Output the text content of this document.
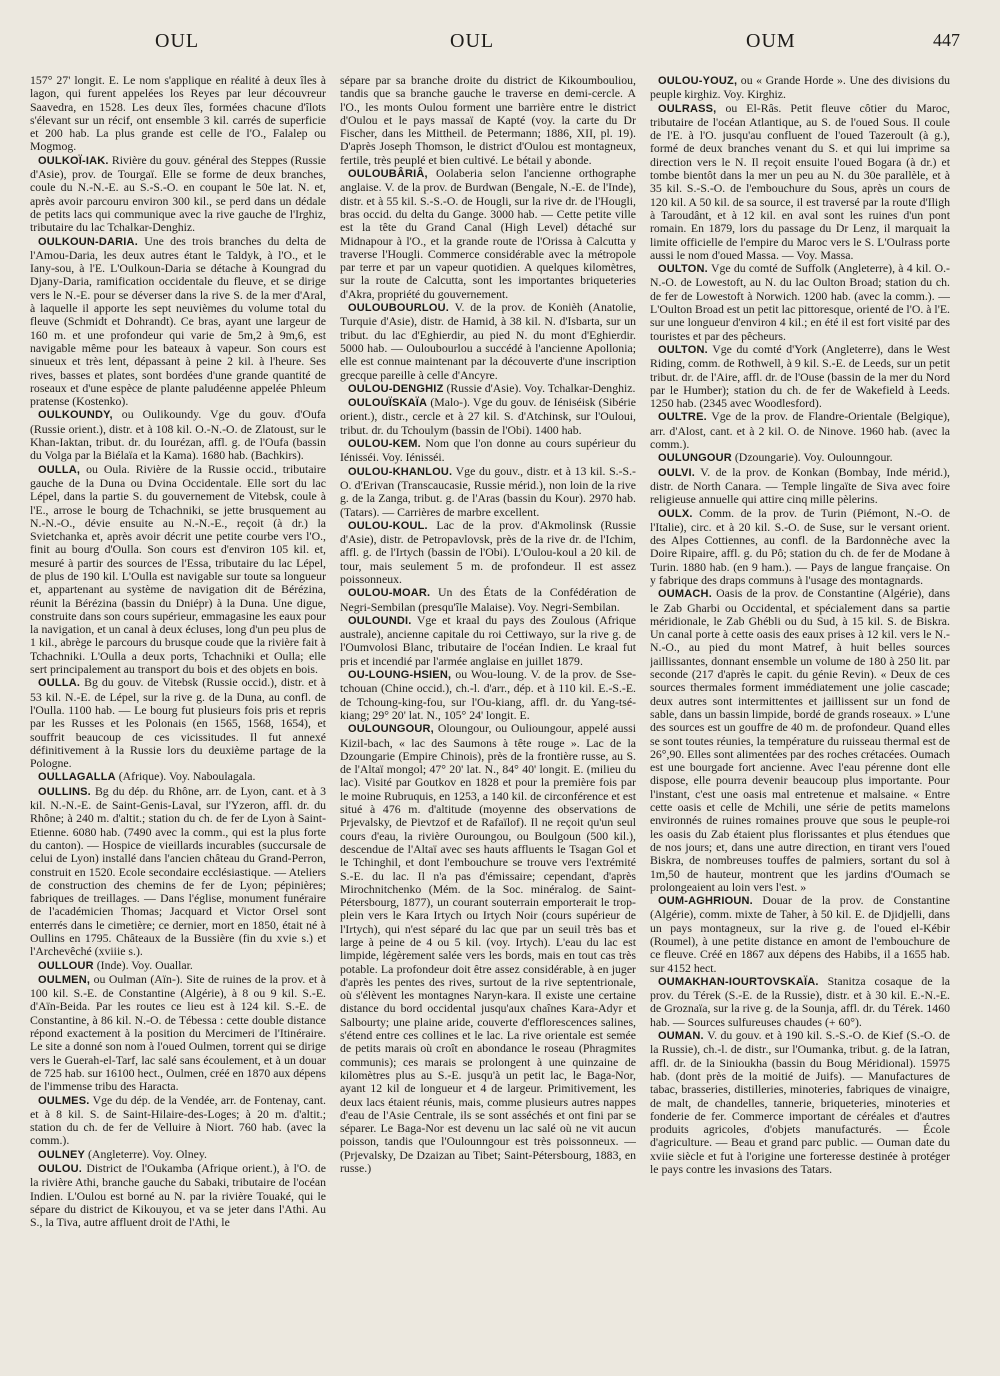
OUL	OUL	OUM	447

157° 27' longit. E. Le nom s'applique en réalité à deux îles à lagon, qui furent appelées los Reyes par leur découvreur Saavedra, en 1528. Les deux îles, formées chacune d'îlots s'élevant sur un récif, ont ensemble 3 kil. carrés de superficie et 200 hab. La plus grande est celle de l'O., Falalep ou Mogmog.

OULKOÏ-IAK. Rivière du gouv. général des Steppes (Russie d'Asie), prov. de Tourgaï. Elle se forme de deux branches, coule du N.-N.-E. au S.-S.-O. en coupant le 50e lat. N. et, après avoir parcouru environ 300 kil., se perd dans un dédale de petits lacs qui communique avec la rive gauche de l'Irghiz, tributaire du lac Tchalkar-Denghiz.

OULKOUN-DARIA. Une des trois branches du delta de l'Amou-Daria, les deux autres étant le Taldyk, à l'O., et le Iany-sou, à l'E. L'Oulkoun-Daria se détache à Koungrad du Djany-Daria, ramification occidentale du fleuve, et se dirige vers le N.-E. pour se déverser dans la rive S. de la mer d'Aral, à laquelle il apporte les sept neuvièmes du volume total du fleuve (Schmidt et Dohrandt). Ce bras, ayant une largeur de 160 m. et une profondeur qui varie de 5m,2 à 9m,6, est navigable même pour les bateaux à vapeur. Son cours est sinueux et très lent, dépassant à peine 2 kil. à l'heure. Ses rives, basses et plates, sont bordées d'une grande quantité de roseaux et d'une espèce de plante paludéenne appelée Phleum pratense (Kostenko).

OULKOUNDY, ou Oulikoundy. Vge du gouv. d'Oufa (Russie orient.), distr. et à 108 kil. O.-N.-O. de Zlatoust, sur le Khan-Iaktan, tribut. dr. du Iourézan, affl. g. de l'Oufa (bassin du Volga par la Biélaïa et la Kama). 1680 hab. (Bachkirs).

OULLA, ou Oula. Rivière de la Russie occid., tributaire gauche de la Duna ou Dvina Occidentale. Elle sort du lac Lépel, dans la partie S. du gouvernement de Vitebsk, coule à l'E., arrose le bourg de Tchachniki, se jette brusquement au N.-N.-O., dévie ensuite au N.-N.-E., reçoit (à dr.) la Svietchanka et, après avoir décrit une petite courbe vers l'O., finit au bourg d'Oulla. Son cours est d'environ 105 kil. et, mesuré à partir des sources de l'Essa, tributaire du lac Lépel, de plus de 190 kil. L'Oulla est navigable sur toute sa longueur et, appartenant au système de navigation dit de Bérézina, réunit la Bérézina (bassin du Dniépr) à la Duna. Une digue, construite dans son cours supérieur, emmagasine les eaux pour la navigation, et un canal à deux écluses, long d'un peu plus de 1 kil., abrège le parcours du brusque coude que la rivière fait à Tchachniki. L'Oulla a deux ports, Tchachniki et Oulla; elle sert principalement au transport du bois et des objets en bois.

OULLA. Bg du gouv. de Vitebsk (Russie occid.), distr. et à 53 kil. N.-E. de Lépel, sur la rive g. de la Duna, au confl. de l'Oulla. 1100 hab. — Le bourg fut plusieurs fois pris et repris par les Russes et les Polonais (en 1565, 1568, 1654), et souffrit beaucoup de ces vicissitudes. Il fut annexé définitivement à la Russie lors du deuxième partage de la Pologne.

OULLAGALLA (Afrique). Voy. Naboulagala.

OULLINS. Bg du dép. du Rhône, arr. de Lyon, cant. et à 3 kil. N.-N.-E. de Saint-Genis-Laval, sur l'Yzeron, affl. dr. du Rhône; à 240 m. d'altit.; station du ch. de fer de Lyon à Saint-Etienne. 6080 hab. (7490 avec la comm., qui est la plus forte du canton). — Hospice de vieillards incurables (succursale de celui de Lyon) installé dans l'ancien château du Grand-Perron, construit en 1520. Ecole secondaire ecclésiastique. — Ateliers de construction des chemins de fer de Lyon; pépinières; fabriques de treillages. — Dans l'église, monument funéraire de l'académicien Thomas; Jacquard et Victor Orsel sont enterrés dans le cimetière; ce dernier, mort en 1850, était né à Oullins en 1795. Châteaux de la Bussière (fin du xvie s.) et l'Archevêché (xviiie s.).

OULLOUR (Inde). Voy. Ouallar.

OULMEN, ou Oulman (Aïn-). Site de ruines de la prov. et à 100 kil. S.-E. de Constantine (Algérie), à 8 ou 9 kil. S.-E. d'Aïn-Beida. Par les routes ce lieu est à 124 kil. S.-E. de Constantine, à 86 kil. N.-O. de Tébessa : cette double distance répond exactement à la position du Mercimeri de l'Itinéraire. Le site a donné son nom à l'oued Oulmen, torrent qui se dirige vers le Guerah-el-Tarf, lac salé sans écoulement, et à un douar de 725 hab. sur 16100 hect., Oulmen, créé en 1870 aux dépens de l'immense tribu des Haracta.

OULMES. Vge du dép. de la Vendée, arr. de Fontenay, cant. et à 8 kil. S. de Saint-Hilaire-des-Loges; à 20 m. d'altit.; station du ch. de fer de Velluire à Niort. 760 hab. (avec la comm.).

OULNEY (Angleterre). Voy. Olney.

OULOU. District de l'Oukamba (Afrique orient.), à l'O. de la rivière Athi, branche gauche du Sabaki, tributaire de l'océan Indien. L'Oulou est borné au N. par la rivière Touaké, qui le sépare du district de Kikouyou, et va se jeter dans l'Athi. Au S., la Tiva, autre affluent droit de l'Athi, le

sépare par sa branche droite du district de Kikoumbouliou, tandis que sa branche gauche le traverse en demi-cercle. A l'O., les monts Oulou forment une barrière entre le district d'Oulou et le pays massaï de Kapté (voy. la carte du Dr Fischer, dans les Mittheil. de Petermann; 1886, XII, pl. 19). D'après Joseph Thomson, le district d'Oulou est montagneux, fertile, très peuplé et bien cultivé. Le bétail y abonde.

OULOUBÂRIÂ, Oolaberia selon l'ancienne orthographe anglaise. V. de la prov. de Burdwan (Bengale, N.-E. de l'Inde), distr. et à 55 kil. S.-S.-O. de Hougli, sur la rive dr. de l'Hougli, bras occid. du delta du Gange. 3000 hab. — Cette petite ville est la tête du Grand Canal (High Level) détaché sur Midnapour à l'O., et la grande route de l'Orissa à Calcutta y traverse l'Hougli. Commerce considérable avec la métropole par terre et par un vapeur quotidien. A quelques kilomètres, sur la route de Calcutta, sont les importantes briqueteries d'Akra, propriété du gouvernement.

OULOUBOURLOU. V. de la prov. de Konièh (Anatolie, Turquie d'Asie), distr. de Hamid, à 38 kil. N. d'Isbarta, sur un tribut. du lac d'Eghierdir, au pied N. du mont d'Eghierdir. 5000 hab. — Ouloubourlou a succédé à l'ancienne Apollonia; elle est connue maintenant par la découverte d'une inscription grecque pareille à celle d'Ancyre.

OULOU-DENGHIZ (Russie d'Asie). Voy. Tchalkar-Denghiz.

OULOUÏSKAÏA (Malo-). Vge du gouv. de Iéniséisk (Sibérie orient.), distr., cercle et à 27 kil. S. d'Atchinsk, sur l'Ouloui, tribut. dr. du Tchoulym (bassin de l'Obi). 1400 hab.

OULOU-KEM. Nom que l'on donne au cours supérieur du Iénisséi. Voy. Iénisséi.

OULOU-KHANLOU. Vge du gouv., distr. et à 13 kil. S.-S.-O. d'Erivan (Transcaucasie, Russie mérid.), non loin de la rive g. de la Zanga, tribut. g. de l'Aras (bassin du Kour). 2970 hab. (Tatars). — Carrières de marbre excellent.

OULOU-KOUL. Lac de la prov. d'Akmolinsk (Russie d'Asie), distr. de Petropavlovsk, près de la rive dr. de l'Ichim, affl. g. de l'Irtych (bassin de l'Obi). L'Oulou-koul a 20 kil. de tour, mais seulement 5 m. de profondeur. Il est assez poissonneux.

OULOU-MOAR. Un des États de la Confédération de Negri-Sembilan (presqu'île Malaise). Voy. Negri-Sembilan.

OULOUNDI. Vge et kraal du pays des Zoulous (Afrique australe), ancienne capitale du roi Cettiwayo, sur la rive g. de l'Oumvolosi Blanc, tributaire de l'océan Indien. Le kraal fut pris et incendié par l'armée anglaise en juillet 1879.

OU-LOUNG-HSIEN, ou Wou-loung. V. de la prov. de Sse-tchouan (Chine occid.), ch.-l. d'arr., dép. et à 110 kil. E.-S.-E. de Tchoung-king-fou, sur l'Ou-kiang, affl. dr. du Yang-tsé-kiang; 29° 20' lat. N., 105° 24' longit. E.

OULOUNGOUR, Oloungour, ou Oulioungour, appelé aussi Kizil-bach, « lac des Saumons à tête rouge ». Lac de la Dzoungarie (Empire Chinois), près de la frontière russe, au S. de l'Altaï mongol; 47° 20' lat. N., 84° 40' longit. E. (milieu du lac). Visité par Goutkov en 1828 et pour la première fois par le moine Rubruquis, en 1253, a 140 kil. de circonférence et est situé à 476 m. d'altitude (moyenne des observations de Prjevalsky, de Pievtzof et de Rafaïlof). Il ne reçoit qu'un seul cours d'eau, la rivière Ouroungou, ou Boulgoun (500 kil.), descendue de l'Altaï avec ses hauts affluents le Tsagan Gol et le Tchinghil, et dont l'embouchure se trouve vers l'extrémité S.-E. du lac. Il n'a pas d'émissaire; cependant, d'après Mirochnitchenko (Mém. de la Soc. minéralog. de Saint-Pétersbourg, 1877), un courant souterrain emporterait le trop-plein vers le Kara Irtych ou Irtych Noir (cours supérieur de l'Irtych), qui n'est séparé du lac que par un seuil très bas et large à peine de 4 ou 5 kil. (voy. Irtych). L'eau du lac est limpide, légèrement salée vers les bords, mais en tout cas très potable. La profondeur doit être assez considérable, à en juger d'après les pentes des rives, surtout de la rive septentrionale, où s'élèvent les montagnes Naryn-kara. Il existe une certaine distance du bord occidental jusqu'aux chaînes Kara-Adyr et Salbourty; une plaine aride, couverte d'efflorescences salines, s'étend entre ces collines et le lac. La rive orientale est semée de petits marais où croît en abondance le roseau (Phragmites communis); ces marais se prolongent à une quinzaine de kilomètres plus au S.-E. jusqu'à un petit lac, le Baga-Nor, ayant 12 kil de longueur et 4 de largeur. Primitivement, les deux lacs étaient réunis, mais, comme plusieurs autres nappes d'eau de l'Asie Centrale, ils se sont asséchés et ont fini par se séparer. Le Baga-Nor est devenu un lac salé où ne vit aucun poisson, tandis que l'Oulounngour est très poissonneux. — (Prjevalsky, De Dzaizan au Tibet; Saint-Pétersbourg, 1883, en russe.)

OULOU-YOUZ, ou « Grande Horde ». Une des divisions du peuple kirghiz. Voy. Kirghiz.

OULRASS, ou El-Râs. Petit fleuve côtier du Maroc, tributaire de l'océan Atlantique, au S. de l'oued Sous. Il coule de l'E. à l'O. jusqu'au confluent de l'oued Tazeroult (à g.), formé de deux branches venant du S. et qui lui imprime sa direction vers le N. Il reçoit ensuite l'oued Bogara (à dr.) et tombe bientôt dans la mer un peu au N. du 30e parallèle, et à 35 kil. S.-S.-O. de l'embouchure du Sous, après un cours de 120 kil. A 50 kil. de sa source, il est traversé par la route d'Iligh à Taroudânt, et à 12 kil. en aval sont les ruines d'un pont romain. En 1879, lors du passage du Dr Lenz, il marquait la limite officielle de l'empire du Maroc vers le S. L'Oulrass porte aussi le nom d'oued Massa. — Voy. Massa.

OULTON. Vge du comté de Suffolk (Angleterre), à 4 kil. O.-N.-O. de Lowestoft, au N. du lac Oulton Broad; station du ch. de fer de Lowestoft à Norwich. 1200 hab. (avec la comm.). — L'Oulton Broad est un petit lac pittoresque, orienté de l'O. à l'E. sur une longueur d'environ 4 kil.; en été il est fort visité par des touristes et par des pêcheurs.

OULTON. Vge du comté d'York (Angleterre), dans le West Riding, comm. de Rothwell, à 9 kil. S.-E. de Leeds, sur un petit tribut. dr. de l'Aire, affl. dr. de l'Ouse (bassin de la mer du Nord par le Humber); station du ch. de fer de Wakefield à Leeds. 1250 hab. (2345 avec Woodlesford).

OULTRE. Vge de la prov. de Flandre-Orientale (Belgique), arr. d'Alost, cant. et à 2 kil. O. de Ninove. 1960 hab. (avec la comm.).

OULUNGOUR (Dzoungarie). Voy. Oulounngour.

OULVI. V. de la prov. de Konkan (Bombay, Inde mérid.), distr. de North Canara. — Temple lingaïte de Siva avec foire religieuse annuelle qui attire cinq mille pèlerins.

OULX. Comm. de la prov. de Turin (Piémont, N.-O. de l'Italie), circ. et à 20 kil. S.-O. de Suse, sur le versant orient. des Alpes Cottiennes, au confl. de la Bardonnèche avec la Doire Ripaire, affl. g. du Pô; station du ch. de fer de Modane à Turin. 1880 hab. (en 9 ham.). — Pays de langue française. On y fabrique des draps communs à l'usage des montagnards.

OUMACH. Oasis de la prov. de Constantine (Algérie), dans le Zab Gharbi ou Occidental, et spécialement dans sa partie méridionale, le Zab Ghébli ou du Sud, à 15 kil. S. de Biskra. Un canal porte à cette oasis des eaux prises à 12 kil. vers le N.-N.-O., au pied du mont Matref, à huit belles sources jaillissantes, donnant ensemble un volume de 180 à 250 lit. par seconde (217 d'après le capit. du génie Revin). « Deux de ces sources thermales forment immédiatement une jolie cascade; deux autres sont intermittentes et jaillissent sur un fond de sable, dans un bassin limpide, bordé de grands roseaux. » L'une des sources est un gouffre de 40 m. de profondeur. Quand elles se sont toutes réunies, la température du ruisseau thermal est de 26°,90. Elles sont alimentées par des roches crétacées. Oumach est une bourgade fort ancienne. Avec l'eau pérenne dont elle dispose, elle pourra devenir beaucoup plus importante. Pour l'instant, c'est une oasis mal entretenue et malsaine. « Entre cette oasis et celle de Mchili, une série de petits mamelons environnés de ruines romaines prouve que sous le peuple-roi les oasis du Zab étaient plus florissantes et plus étendues que de nos jours; et, dans une autre direction, en tirant vers l'oued Biskra, de nombreuses touffes de palmiers, sortant du sol à 1m,50 de hauteur, montrent que les jardins d'Oumach se prolongeaient au loin vers l'est. »

OUM-AGHRIOUN. Douar de la prov. de Constantine (Algérie), comm. mixte de Taher, à 50 kil. E. de Djidjelli, dans un pays montagneux, sur la rive g. de l'oued el-Kébir (Roumel), à une petite distance en amont de l'embouchure de ce fleuve. Créé en 1867 aux dépens des Habibs, il a 1655 hab. sur 4152 hect.

OUMAKHAN-IOURTOVSKAÏA. Stanitza cosaque de la prov. du Térek (S.-E. de la Russie), distr. et à 30 kil. E.-N.-E. de Groznaïa, sur la rive g. de la Sounja, affl. dr. du Térek. 1460 hab. — Sources sulfureuses chaudes (+ 60°).

OUMAN. V. du gouv. et à 190 kil. S.-S.-O. de Kief (S.-O. de la Russie), ch.-l. de distr., sur l'Oumanka, tribut. g. de la Iatran, affl. dr. de la Sinioukha (bassin du Boug Méridional). 15975 hab. (dont près de la moitié de Juifs). — Manufactures de tabac, brasseries, distilleries, minoteries, fabriques de vinaigre, de malt, de chandelles, tannerie, briqueteries, minoteries et fonderie de fer. Commerce important de céréales et d'autres produits agricoles, d'objets manufacturés. — École d'agriculture. — Beau et grand parc public. — Ouman date du xviie siècle et fut à l'origine une forteresse destinée à protéger le pays contre les invasions des Tatars.
